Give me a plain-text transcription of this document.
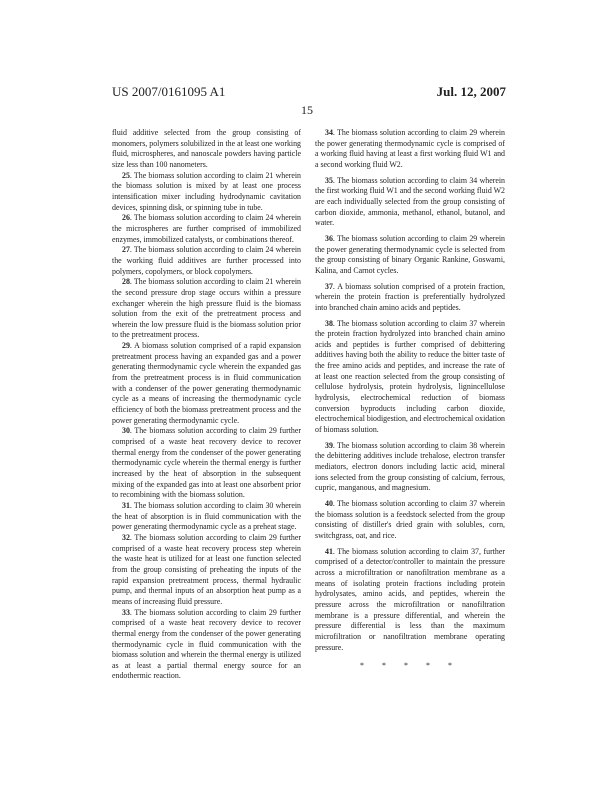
US 2007/0161095 A1	Jul. 12, 2007
15

fluid additive selected from the group consisting of monomers, polymers solubilized in the at least one working fluid, microspheres, and nanoscale powders having particle size less than 100 nanometers.

25. The biomass solution according to claim 21 wherein the biomass solution is mixed by at least one process intensification mixer including hydrodynamic cavitation devices, spinning disk, or spinning tube in tube.

26. The biomass solution according to claim 24 wherein the microspheres are further comprised of immobilized enzymes, immobilized catalysts, or combinations thereof.

27. The biomass solution according to claim 24 wherein the working fluid additives are further processed into polymers, copolymers, or block copolymers.

28. The biomass solution according to claim 21 wherein the second pressure drop stage occurs within a pressure exchanger wherein the high pressure fluid is the biomass solution from the exit of the pretreatment process and wherein the low pressure fluid is the biomass solution prior to the pretreatment process.

29. A biomass solution comprised of a rapid expansion pretreatment process having an expanded gas and a power generating thermodynamic cycle wherein the expanded gas from the pretreatment process is in fluid communication with a condenser of the power generating thermodynamic cycle as a means of increasing the thermodynamic cycle efficiency of both the biomass pretreatment process and the power generating thermodynamic cycle.

30. The biomass solution according to claim 29 further comprised of a waste heat recovery device to recover thermal energy from the condenser of the power generating thermodynamic cycle wherein the thermal energy is further increased by the heat of absorption in the subsequent mixing of the expanded gas into at least one absorbent prior to recombining with the biomass solution.

31. The biomass solution according to claim 30 wherein the heat of absorption is in fluid communication with the power generating thermodynamic cycle as a preheat stage.

32. The biomass solution according to claim 29 further comprised of a waste heat recovery process step wherein the waste heat is utilized for at least one function selected from the group consisting of preheating the inputs of the rapid expansion pretreatment process, thermal hydraulic pump, and thermal inputs of an absorption heat pump as a means of increasing fluid pressure.

33. The biomass solution according to claim 29 further comprised of a waste heat recovery device to recover thermal energy from the condenser of the power generating thermodynamic cycle in fluid communication with the biomass solution and wherein the thermal energy is utilized as at least a partial thermal energy source for an endothermic reaction.

34. The biomass solution according to claim 29 wherein the power generating thermodynamic cycle is comprised of a working fluid having at least a first working fluid W1 and a second working fluid W2.

35. The biomass solution according to claim 34 wherein the first working fluid W1 and the second working fluid W2 are each individually selected from the group consisting of carbon dioxide, ammonia, methanol, ethanol, butanol, and water.

36. The biomass solution according to claim 29 wherein the power generating thermodynamic cycle is selected from the group consisting of binary Organic Rankine, Goswami, Kalina, and Carnot cycles.

37. A biomass solution comprised of a protein fraction, wherein the protein fraction is preferentially hydrolyzed into branched chain amino acids and peptides.

38. The biomass solution according to claim 37 wherein the protein fraction hydrolyzed into branched chain amino acids and peptides is further comprised of debittering additives having both the ability to reduce the bitter taste of the free amino acids and peptides, and increase the rate of at least one reaction selected from the group consisting of cellulose hydrolysis, protein hydrolysis, lignincellulose hydrolysis, electrochemical reduction of biomass conversion byproducts including carbon dioxide, electrochemical biodigestion, and electrochemical oxidation of biomass solution.

39. The biomass solution according to claim 38 wherein the debittering additives include trehalose, electron transfer mediators, electron donors including lactic acid, mineral ions selected from the group consisting of calcium, ferrous, cupric, manganous, and magnesium.

40. The biomass solution according to claim 37 wherein the biomass solution is a feedstock selected from the group consisting of distiller's dried grain with solubles, corn, switchgrass, oat, and rice.

41. The biomass solution according to claim 37, further comprised of a detector/controller to maintain the pressure across a microfiltration or nanofiltration membrane as a means of isolating protein fractions including protein hydrolysates, amino acids, and peptides, wherein the pressure across the microfiltration or nanofiltration membrane is a pressure differential, and wherein the pressure differential is less than the maximum microfiltration or nanofiltration membrane operating pressure.

* * * * *
